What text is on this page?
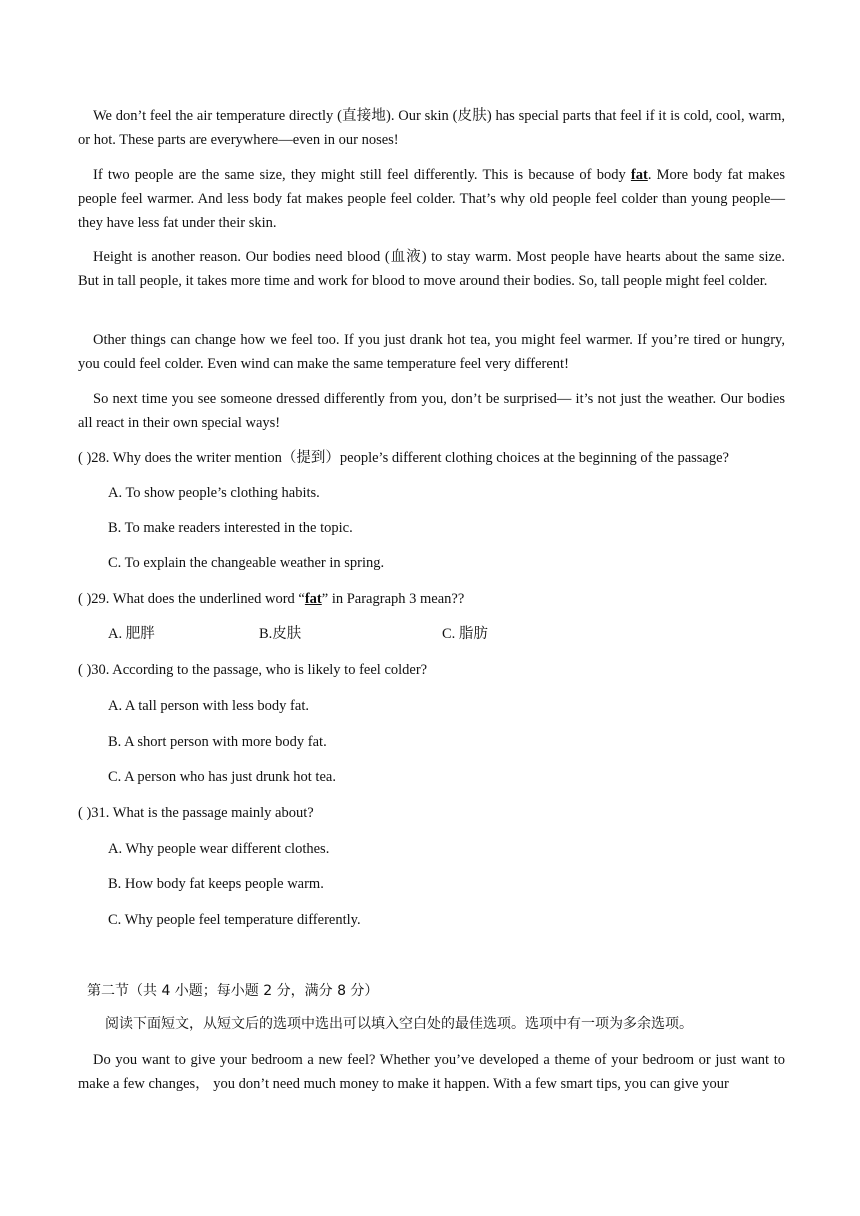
We don’t feel the air temperature directly (直接地). Our skin (皮肤) has special parts that feel if it is cold, cool, warm, or hot. These parts are everywhere—even in our noses!

If two people are the same size, they might still feel differently. This is because of body fat. More body fat makes people feel warmer. And less body fat makes people feel colder. That’s why old people feel colder than young people—they have less fat under their skin.

Height is another reason. Our bodies need blood (血液) to stay warm. Most people have hearts about the same size. But in tall people, it takes more time and work for blood to move around their bodies. So, tall people might feel colder.

Other things can change how we feel too. If you just drank hot tea, you might feel warmer. If you’re tired or hungry, you could feel colder. Even wind can make the same temperature feel very different!

So next time you see someone dressed differently from you, don’t be surprised— it’s not just the weather. Our bodies all react in their own special ways!

( )28. Why does the writer mention（提到）people’s different clothing choices at the beginning of the passage?
A. To show people’s clothing habits.
B. To make readers interested in the topic.
C. To explain the changeable weather in spring.
( )29. What does the underlined word “fat” in Paragraph 3 mean??
A. 肥胖	B.皮肤	C. 脂肪
( )30. According to the passage, who is likely to feel colder?
A. A tall person with less body fat.
B. A short person with more body fat.
C. A person who has just drunk hot tea.
( )31. What is the passage mainly about?
A. Why people wear different clothes.
B. How body fat keeps people warm.
C. Why people feel temperature differently.
第二节（共 4 小题；每小题 2 分，满分 8 分）
阅读下面短文，从短文后的选项中选出可以填入空白处的最佳选项。选项中有一项为多余选项。

Do you want to give your bedroom a new feel? Whether you’ve developed a theme of your bedroom or just want to make a few changes， you don’t need much money to make it happen. With a few smart tips, you can give your
